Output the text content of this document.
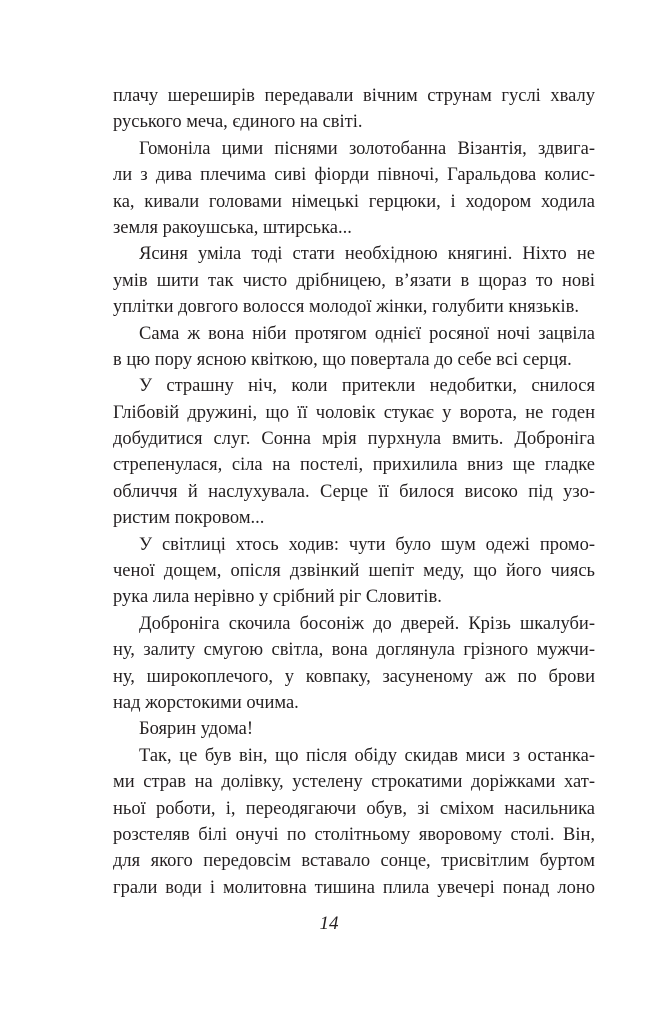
плачу шереширів передавали вічним струнам гуслі хвалу
руського меча, єдиного на світі.
Гомоніла цими піснями золотобанна Візантія, здвига-
ли з дива плечима сиві фіорди півночі, Гаральдова колис-
ка, кивали головами німецькі герцюки, і ходором ходила
земля ракоушська, штирська...
Ясиня уміла тоді стати необхідною княгині. Ніхто не
умів шити так чисто дрібницею, в’язати в щораз то нові
уплітки довгого волосся молодої жінки, голубити князьків.
Сама ж вона ніби протягом однієї росяної ночі зацвіла
в цю пору ясною квіткою, що повертала до себе всі серця.
У страшну ніч, коли притекли недобитки, снилося
Глібовій дружині, що її чоловік стукає у ворота, не годен
добудитися слуг. Сонна мрія пурхнула вмить. Доброніга
стрепенулася, сіла на постелі, прихилила вниз ще гладке
обличчя й наслухувала. Серце її билося високо під узо-
ристим покровом...
У світлиці хтось ходив: чути було шум одежі промо-
ченої дощем, опісля дзвінкий шепіт меду, що його чиясь
рука лила нерівно у срібний ріг Словитів.
Доброніга скочила босоніж до дверей. Крізь шкалуби-
ну, залиту смугою світла, вона доглянула грізного мужчи-
ну, широкоплечого, у ковпаку, засуненому аж по брови
над жорстокими очима.
Боярин удома!
Так, це був він, що після обіду скидав миси з останка-
ми страв на долівку, устелену строкатими доріжками хат-
ньої роботи, і, переодягаючи обув, зі сміхом насильника
розстеляв білі онучі по столітньому яворовому столі. Він,
для якого передовсім вставало сонце, трисвітлим буртом
грали води і молитовна тишина плила увечері понад лоно
14
